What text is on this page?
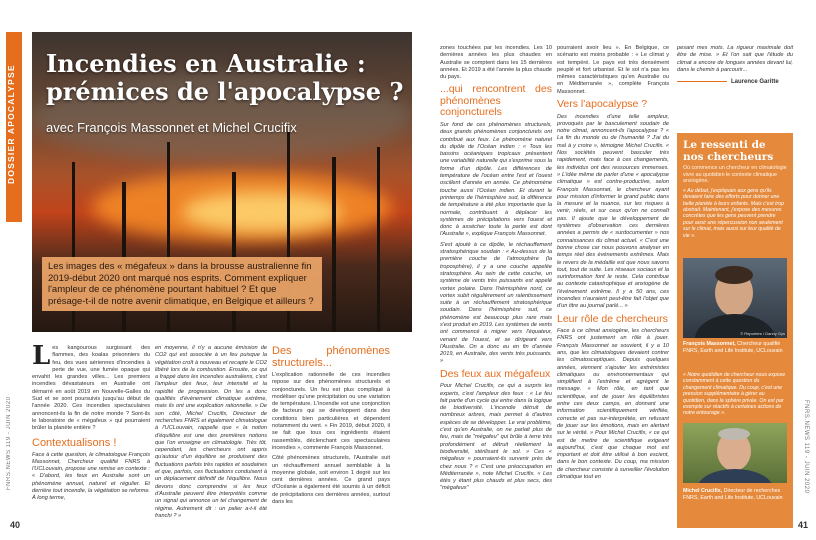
DOSSIER APOCALYPSE
FNRS.NEWS 119 - JUIN 2020
Incendies en Australie : prémices de l'apocalypse ?
avec François Massonnet et Michel Crucifix
Les images des « mégafeux » dans la brousse australienne fin 2019-début 2020 ont marqué nos esprits. Comment expliquer l'ampleur de ce phénomène pourtant habituel ? Et que présage-t-il de notre avenir climatique, en Belgique et ailleurs ?

Les kangourous surgissant des flammes, des koalas prisonniers du feu, des vues aériennes d'incendies à perte de vue, une fumée opaque qui envahit les grandes villes... Les premiers incendies dévastateurs en Australie ont démarré en août 2019 en Nouvelle-Galles du Sud et se sont poursuivis jusqu'au début de l'année 2020. Ces incendies spectaculaires annoncent-ils la fin de notre monde ? Sont-ils le laboratoire de « mégafeux » qui pourraient brûler la planète entière ?

Contextualisons !

Face à cette question, le climatologue François Massonnet, Chercheur qualifié FNRS à l'UCLouvain, propose une remise en contexte : « D'abord, les feux en Australie sont un phénomène annuel, naturel et régulier. Et derrière tout incendie, la végétation se reforme. À long terme,

en moyenne, il n'y a aucune émission de CO2 qui est associée à un feu puisque la végétation croît à nouveau et recapte le CO2 libéré lors de la combustion. Ensuite, ce qui a frappé dans les incendies australiens, c'est l'ampleur des feux, leur intensité et la rapidité de progression. On les a donc qualifiés d'évènement climatique extrême, mais ils ont une explication rationnelle. » De son côté, Michel Crucifix, Directeur de recherches FNRS et également climatologue à l'UCLouvain, rappelle que « la notion d'équilibre est une des premières notions que l'on enseigne en climatologie. Très tôt, cependant, les chercheurs ont appris qu'autour d'un équilibre se produisent des fluctuations parfois très rapides et soudaines et que, parfois, ces fluctuations conduisent à un déplacement définitif de l'équilibre. Nous devons donc comprendre si les feux d'Australie peuvent être interprétés comme un signal qui annonce un tel changement de régime. Autrement dit : un palier a-t-il été franchi ? »

Des phénomènes structurels...

L'explication rationnelle de ces incendies repose sur des phénomènes structurels et conjoncturels. Un feu est plus compliqué à modéliser qu'une précipitation ou une variation de température. L'incendie est une conjonction de facteurs qui se développent dans des conditions bien particulières et dépendent notamment du vent. « Fin 2019, début 2020, il se fait que tous ces ingrédients étaient rassemblés, déclenchant ces spectaculaires incendies », commente François Massonnet.

Côté phénomènes structurels, l'Australie suit un réchauffement annuel semblable à la moyenne globale, soit environ 1 degré sur les cent dernières années. Ce grand pays d'Océanie a également été soumis à un déficit de précipitations ces dernières années, surtout dans les

40

zones touchées par les incendies. Les 10 dernières années les plus chaudes en Australie se comptent dans les 15 dernières années. Et 2019 a été l'année la plus chaude du pays.

...qui rencontrent des phénomènes conjoncturels

Sur fond de ces phénomènes structurels, deux grands phénomènes conjoncturels ont contribué aux feux. Le phénomène naturel du dipôle de l'Océan indien : « Tous les bassins océaniques tropicaux présentent une variabilité naturelle qui s'exprime sous la forme d'un dipôle. Les différences de température de l'océan entre l'est et l'ouest oscillent d'année en année. Ce phénomène touche aussi l'Océan indien. Et durant le printemps de l'hémisphère sud, la différence de température a été plus importante que la normale, contribuant à déplacer les systèmes de précipitations vers l'ouest et donc à assécher toute la partie est dont l'Australie », explique François Massonnet.

S'est ajouté à ce dipôle, le réchauffement stratosphérique soudain : « Au-dessus de la première couche de l'atmosphère (la troposphère), il y a une couche appelée stratosphère. Au sein de cette couche, un système de vents très puissants est appelé vortex polaire. Dans l'hémisphère nord, ce vortex subit régulièrement un ralentissement suite à un réchauffement stratosphérique soudain. Dans l'hémisphère sud, ce phénomène est beaucoup plus rare mais s'est produit en 2019. Les systèmes de vents ont commencé à migrer vers l'équateur, venant de l'ouest, et se dirigeant vers l'Australie. On a donc eu en fin d'année 2019, en Australie, des vents très puissants. »

Des feux aux mégafeux

Pour Michel Crucifix, ce qui a surpris les experts, c'est l'ampleur des feux : « Le feu fait partie d'un cycle qui entre dans la logique de biodiversité. L'incendie détruit de nombreux arbres, mais permet à d'autres espèces de se développer. Le vrai problème, c'est qu'en Australie, on ne parlait plus de feu, mais de "mégafeu" qui brûle à terre très profondément et détruit réellement la biodiversité, stérilisant le sol. » Ces « mégafeux » pourraient-ils survenir près de chez nous ? « C'est une préoccupation en Méditerranée », note Michel Crucifix. « Les étés y étant plus chauds et plus secs, des "mégafeux"

pourraient avoir lieu ». En Belgique, ce scénario est moins probable : « Le climat y est tempéré. Le pays est très densément peuplé et fort urbanisé. Et le sol n'a pas les mêmes caractéristiques qu'en Australie ou en Méditerranée », complète François Massonnet.

Vers l'apocalypse ?

Des incendies d'une telle ampleur, provoqués par le basculement soudain de notre climat, annoncent-ils l'apocalypse ? « La fin du monde ou de l'humanité ? J'ai du mal à y croire », témoigne Michel Crucifix. « Nos sociétés peuvent basculer très rapidement, mais face à ces changements, les individus ont des ressources immenses. » L'idée même de parler d'une « apocalypse climatique » est contre-productive, selon François Massonnet, le chercheur ayant pour mission d'informer le grand public dans la mesure et la nuance, sur les risques à venir, réels, et sur ceux qu'on ne connaît pas. Il ajoute que le développement de systèmes d'observation ces dernières années a permis de « surdocumenter » nos connaissances du climat actuel. « C'est une bonne chose car nous pouvons analyser en temps réel des événements extrêmes. Mais le revers de la médaille est que nous savons tout, tout de suite. Les réseaux sociaux et la surinformation font le reste. Cela contribue au contexte catastrophique et anxiogène de l'événement extrême. Il y a 50 ans, ces incendies n'auraient peut-être fait l'objet que d'un titre au journal parlé... »

Leur rôle de chercheurs

Face à ce climat anxiogène, les chercheurs FNRS ont justement un rôle à jouer. François Massonnet se souvient, il y a 10 ans, que les climatologues devaient contrer les climatosceptiques. Depuis quelques années, viennent s'ajouter les extrémistes climatiques ou environnementaux qui simplifient à l'extrême et agrègent le message. « Mon rôle, en tant que scientifique, est de jouer les équilibristes entre ces deux camps, en donnant une information scientifiquement vérifiée, correcte et pas sur-interprétée, en refusant de jouer sur les émotions, mais en alertant sur le vérité. » Pour Michel Crucifix, « ce qui est de mettre de scientifique exigeant aujourd'hui, c'est que chaque mot est important et doit être utilisé à bon escient, dans le bon contexte. Du coup, ma mission de chercheur consiste à surveiller l'évolution climatique tout en

pesant mes mots. La rigueur maximale doit être de mise. » Et l'on sait que l'étude du climat a encore de longues années devant lui, dans le chemin à parcourir...

Laurence Garitte
Le ressenti de nos chercheurs
Où commence un chercheur en climatologie vivre au quotidien le contexte climatique anxiogène.
« Au début, j'expliquais aux gens qu'ils devaient faire des efforts pour donner une belle planète à leurs enfants. Mais c'est trop abstrait. Maintenant, j'expose des mesures concrètes que les gens peuvent prendre pour avoir une répercussion non seulement sur le climat, mais aussi sur leur qualité de vie ».
© Reporters / Danny Gys
François Massonnet, Chercheur qualifié FNRS, Earth and Life Institute, UCLouvain
« Notre quotidien de chercheur nous expose constamment à cette question du changement climatique. Du coup, c'est une pression supplémentaire à gérer au quotidien, dans la sphère privée. On est par exemple sur réactifs à certaines actions de notre entourage ».
Michel Crucifix, Directeur de recherches FNRS, Earth and Life Institute, UCLouvain
FNRS.NEWS 119 - JUIN 2020
41
